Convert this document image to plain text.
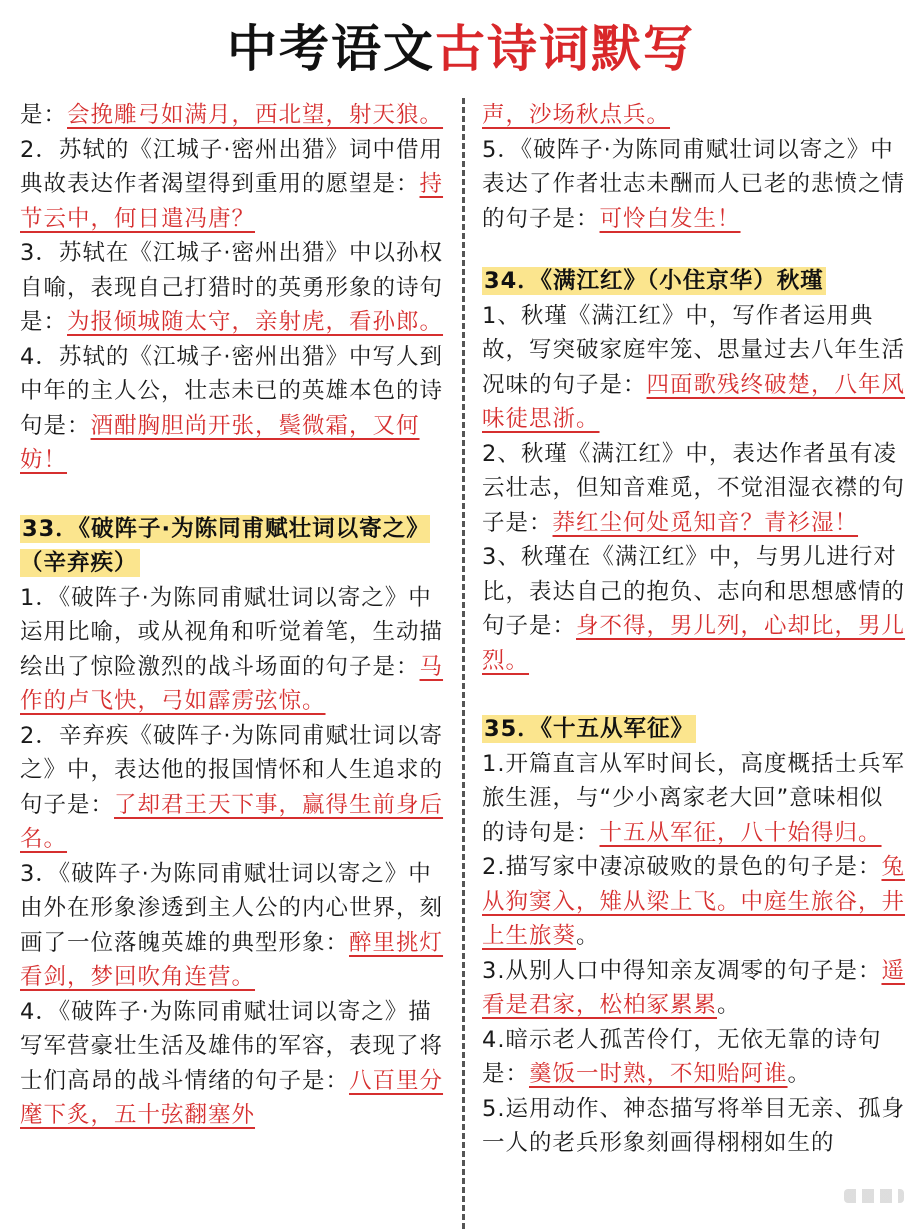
中考语文古诗词默写
是：会挽雕弓如满月，西北望，射天狼。
2．苏轼的《江城子·密州出猎》词中借用典故表达作者渴望得到重用的愿望是：持节云中，何日遣冯唐？
3．苏轼在《江城子·密州出猎》中以孙权自喻，表现自己打猎时的英勇形象的诗句是：为报倾城随太守，亲射虎，看孙郎。
4．苏轼的《江城子·密州出猎》中写人到中年的主人公，壮志未已的英雄本色的诗句是：酒酣胸胆尚开张，鬓微霜，又何妨！
33．《破阵子·为陈同甫赋壮词以寄之》（辛弃疾）
1．《破阵子·为陈同甫赋壮词以寄之》中运用比喻，或从视角和听觉着笔，生动描绘出了惊险激烈的战斗场面的句子是：马作的卢飞快，弓如霹雳弦惊。
2．辛弃疾《破阵子·为陈同甫赋壮词以寄之》中，表达他的报国情怀和人生追求的句子是：了却君王天下事，赢得生前身后名。
3．《破阵子·为陈同甫赋壮词以寄之》中由外在形象渗透到主人公的内心世界，刻画了一位落魄英雄的典型形象：醉里挑灯看剑，梦回吹角连营。
4．《破阵子·为陈同甫赋壮词以寄之》描写军营豪壮生活及雄伟的军容，表现了将士们高昂的战斗情绪的句子是：八百里分麾下炙，五十弦翻塞外
声，沙场秋点兵。
5．《破阵子·为陈同甫赋壮词以寄之》中表达了作者壮志未酬而人已老的悲愤之情的句子是：可怜白发生！
34．《满江红》（小住京华）秋瑾
1、秋瑾《满江红》中，写作者运用典故，写突破家庭牢笼、思量过去八年生活况味的句子是：四面歌残终破楚，八年风味徒思浙。
2、秋瑾《满江红》中，表达作者虽有凌云壮志，但知音难觅，不觉泪湿衣襟的句子是：莽红尘何处觅知音？青衫湿！
3、秋瑾在《满江红》中，与男儿进行对比，表达自己的抱负、志向和思想感情的句子是：身不得，男儿列，心却比，男儿烈。
35．《十五从军征》
1.开篇直言从军时间长，高度概括士兵军旅生涯，与“少小离家老大回”意味相似的诗句是：十五从军征，八十始得归。
2.描写家中凄凉破败的景色的句子是：兔从狗窦入，雉从梁上飞。中庭生旅谷，井上生旅葵。
3.从别人口中得知亲友凋零的句子是：遥看是君家，松柏冢累累。
4.暗示老人孤苦伶仃，无依无靠的诗句是：羹饭一时熟，不知贻阿谁。
5.运用动作、神态描写将举目无亲、孤身一人的老兵形象刻画得栩栩如生的
